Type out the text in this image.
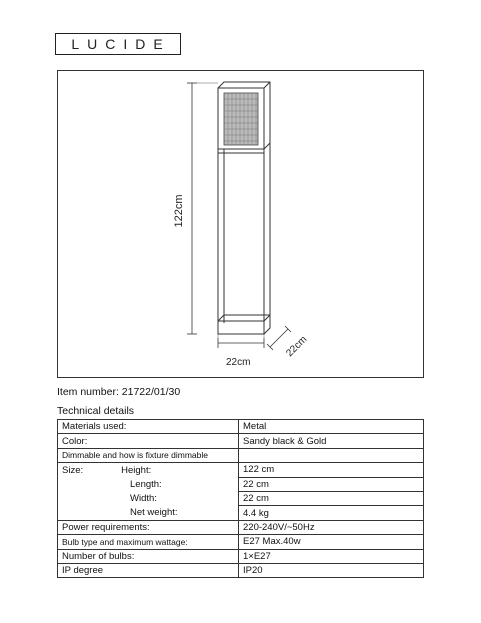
LUCIDE
122cm
22cm
22cm
Item number: 21722/01/30
Technical details
Materials used:	Metal
Color:	Sandy black & Gold
Dimmable and how is fixture dimmable	
Size: Height:	122 cm
Length:	22 cm
Width:	22 cm
Net weight:	4.4 kg
Power requirements:	220-240V/~50Hz
Bulb type and maximum wattage:	E27 Max.40w
Number of bulbs:	1×E27
IP degree	IP20
